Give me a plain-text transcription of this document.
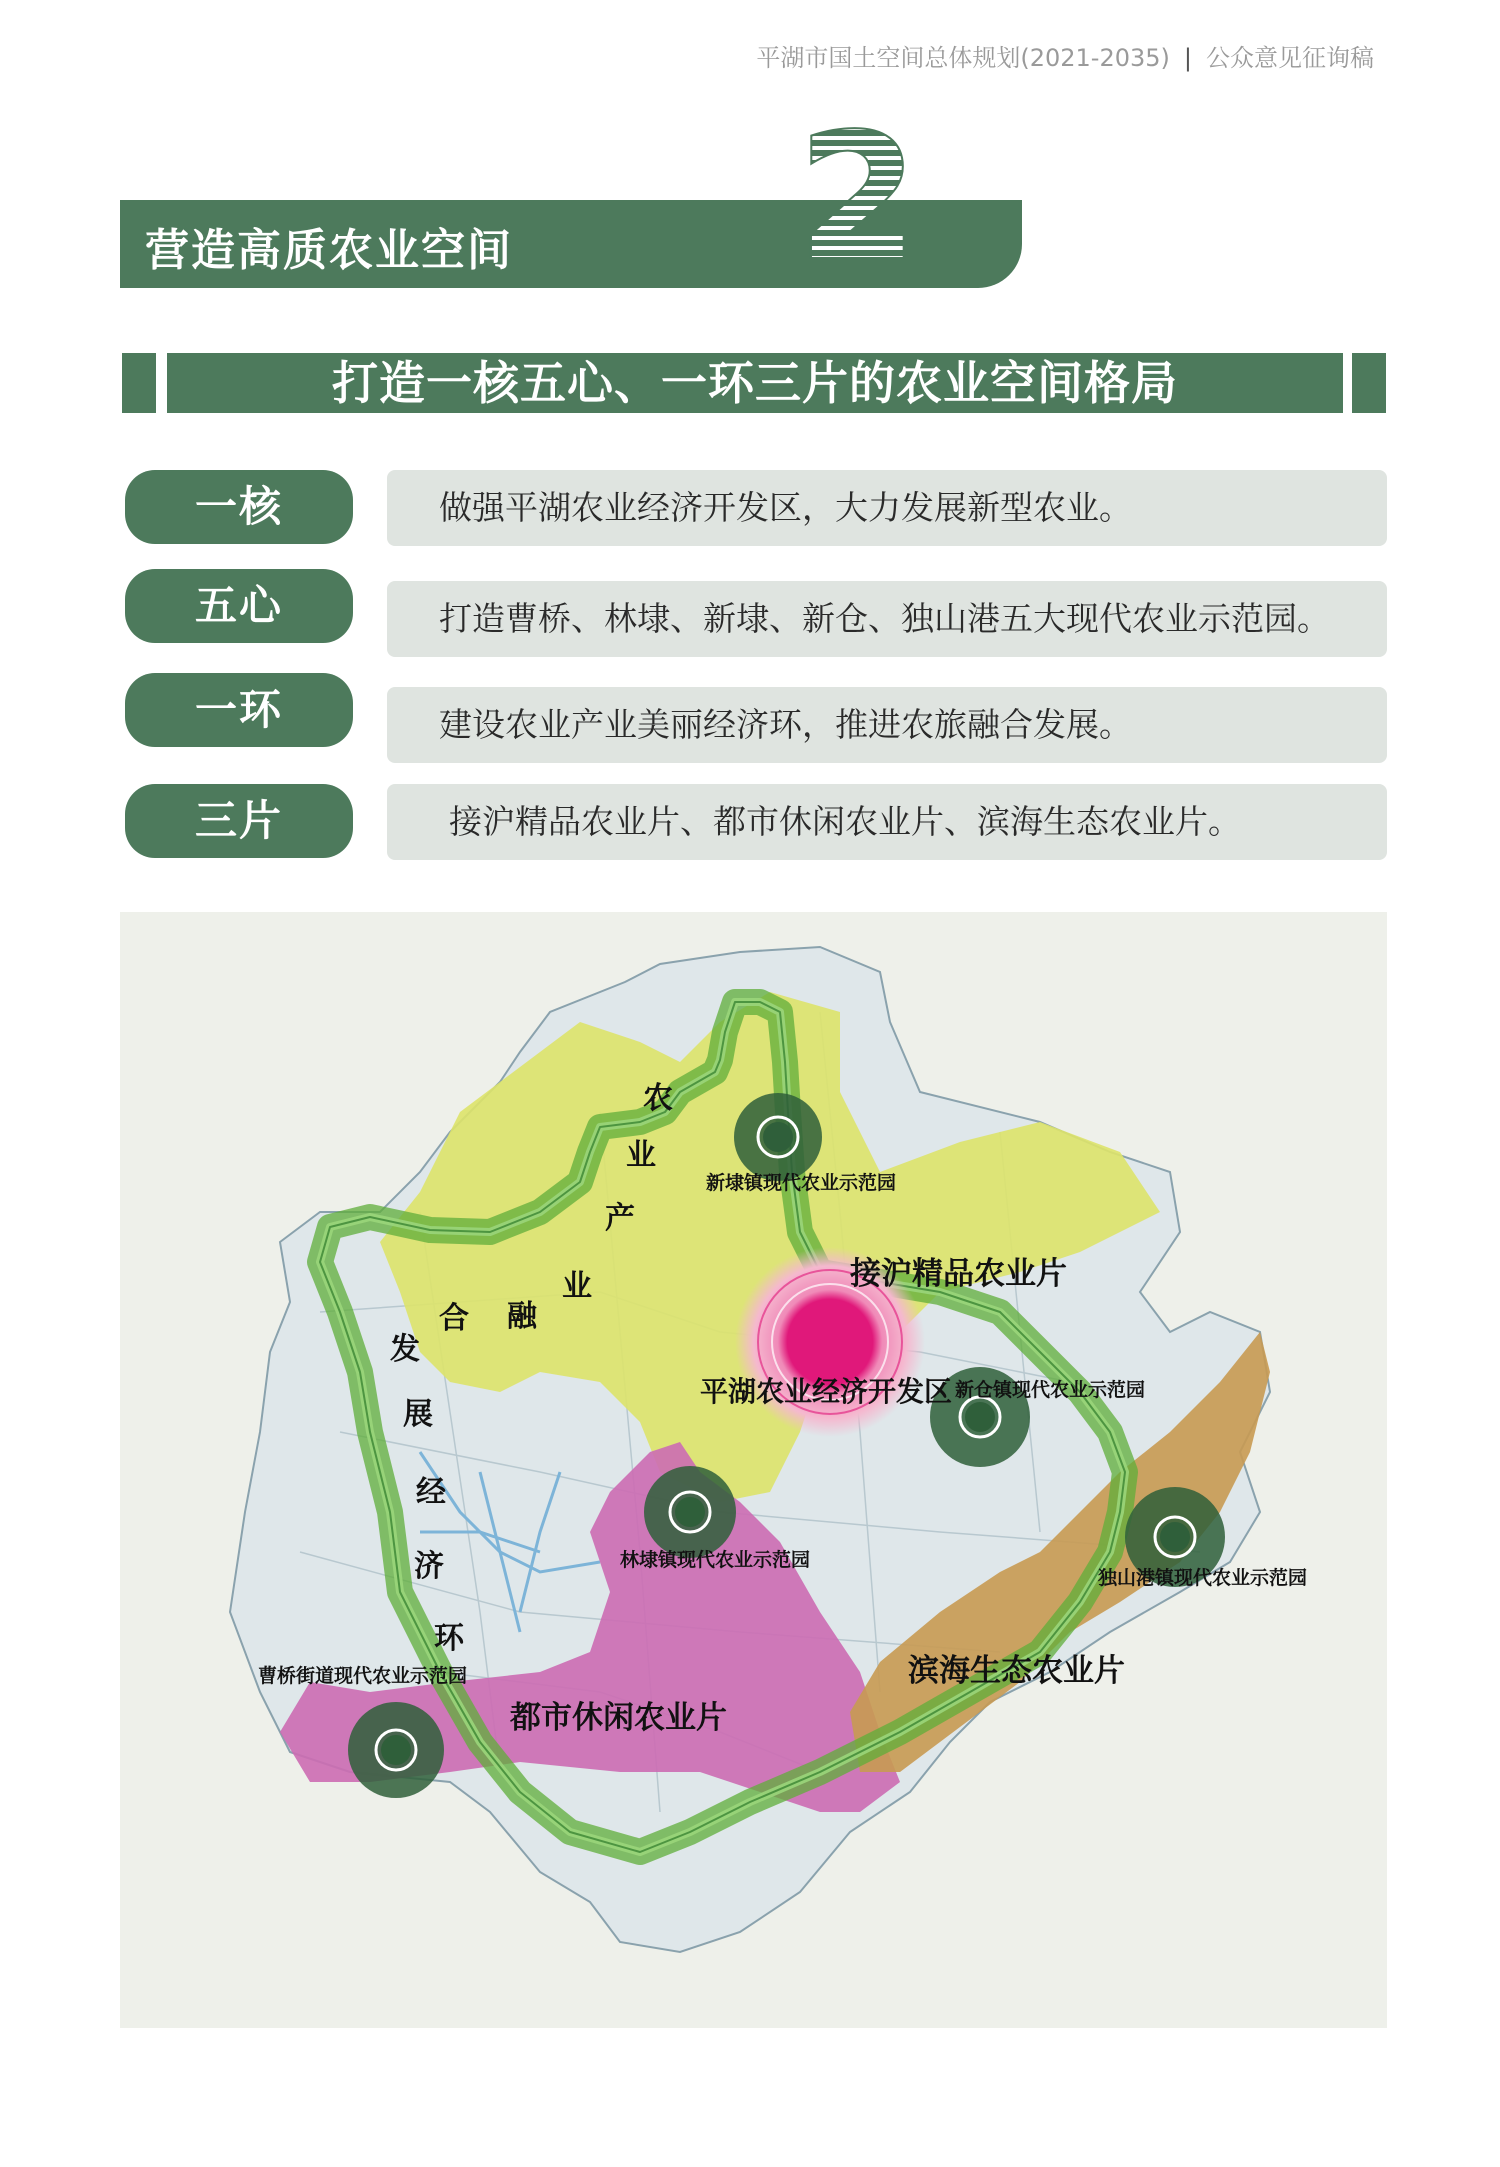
平湖市国土空间总体规划(2021-2035) | 公众意见征询稿
营造高质农业空间 2
打造一核五心、一环三片的农业空间格局
一核	做强平湖农业经济开发区，大力发展新型农业。
五心	打造曹桥、林埭、新埭、新仓、独山港五大现代农业示范园。
一环	建设农业产业美丽经济环，推进农旅融合发展。
三片	接沪精品农业片、都市休闲农业片、滨海生态农业片。
平湖农业经济开发区
接沪精品农业片
都市休闲农业片
滨海生态农业片
新埭镇现代农业示范园
新仓镇现代农业示范园
林埭镇现代农业示范园
独山港镇现代农业示范园
曹桥街道现代农业示范园
农
业
产
业
融
合
发
展
经
济
环
